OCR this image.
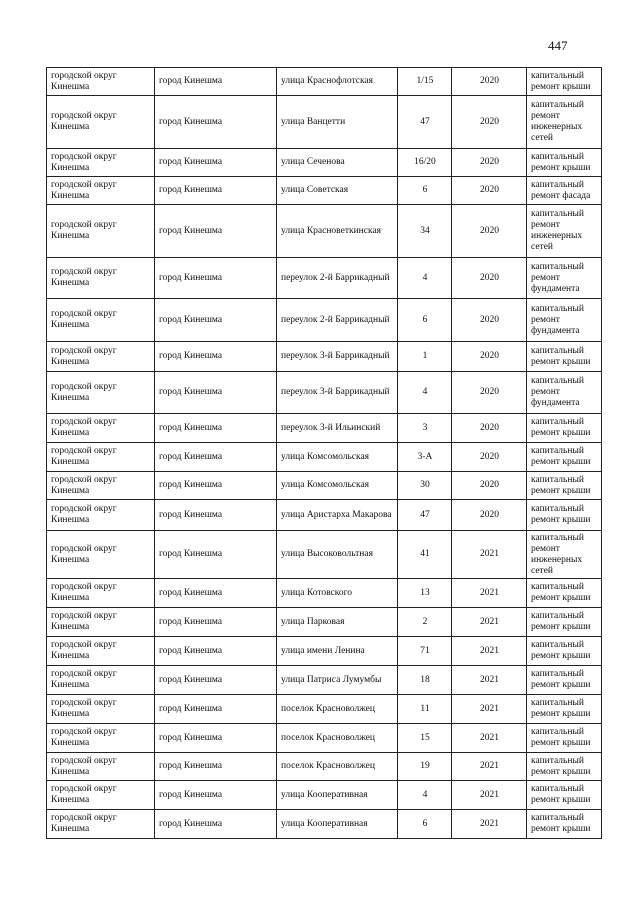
447
городской округ Кинешма	город Кинешма	улица Краснофлотская	1/15	2020	капитальный ремонт крыши
городской округ Кинешма	город Кинешма	улица Ванцетти	47	2020	капитальный ремонт инженерных сетей
городской округ Кинешма	город Кинешма	улица Сеченова	16/20	2020	капитальный ремонт крыши
городской округ Кинешма	город Кинешма	улица Советская	6	2020	капитальный ремонт фасада
городской округ Кинешма	город Кинешма	улица Красноветкинская	34	2020	капитальный ремонт инженерных сетей
городской округ Кинешма	город Кинешма	переулок 2-й Баррикадный	4	2020	капитальный ремонт фундамента
городской округ Кинешма	город Кинешма	переулок 2-й Баррикадный	6	2020	капитальный ремонт фундамента
городской округ Кинешма	город Кинешма	переулок 3-й Баррикадный	1	2020	капитальный ремонт крыши
городской округ Кинешма	город Кинешма	переулок 3-й Баррикадный	4	2020	капитальный ремонт фундамента
городской округ Кинешма	город Кинешма	переулок 3-й Ильинский	3	2020	капитальный ремонт крыши
городской округ Кинешма	город Кинешма	улица Комсомольская	3-А	2020	капитальный ремонт крыши
городской округ Кинешма	город Кинешма	улица Комсомольская	30	2020	капитальный ремонт крыши
городской округ Кинешма	город Кинешма	улица Аристарха Макарова	47	2020	капитальный ремонт крыши
городской округ Кинешма	город Кинешма	улица Высоковольтная	41	2021	капитальный ремонт инженерных сетей
городской округ Кинешма	город Кинешма	улица Котовского	13	2021	капитальный ремонт крыши
городской округ Кинешма	город Кинешма	улица Парковая	2	2021	капитальный ремонт крыши
городской округ Кинешма	город Кинешма	улица имени Ленина	71	2021	капитальный ремонт крыши
городской округ Кинешма	город Кинешма	улица Патриса Лумумбы	18	2021	капитальный ремонт крыши
городской округ Кинешма	город Кинешма	поселок Красноволжец	11	2021	капитальный ремонт крыши
городской округ Кинешма	город Кинешма	поселок Красноволжец	15	2021	капитальный ремонт крыши
городской округ Кинешма	город Кинешма	поселок Красноволжец	19	2021	капитальный ремонт крыши
городской округ Кинешма	город Кинешма	улица Кооперативная	4	2021	капитальный ремонт крыши
городской округ Кинешма	город Кинешма	улица Кооперативная	6	2021	капитальный ремонт крыши
